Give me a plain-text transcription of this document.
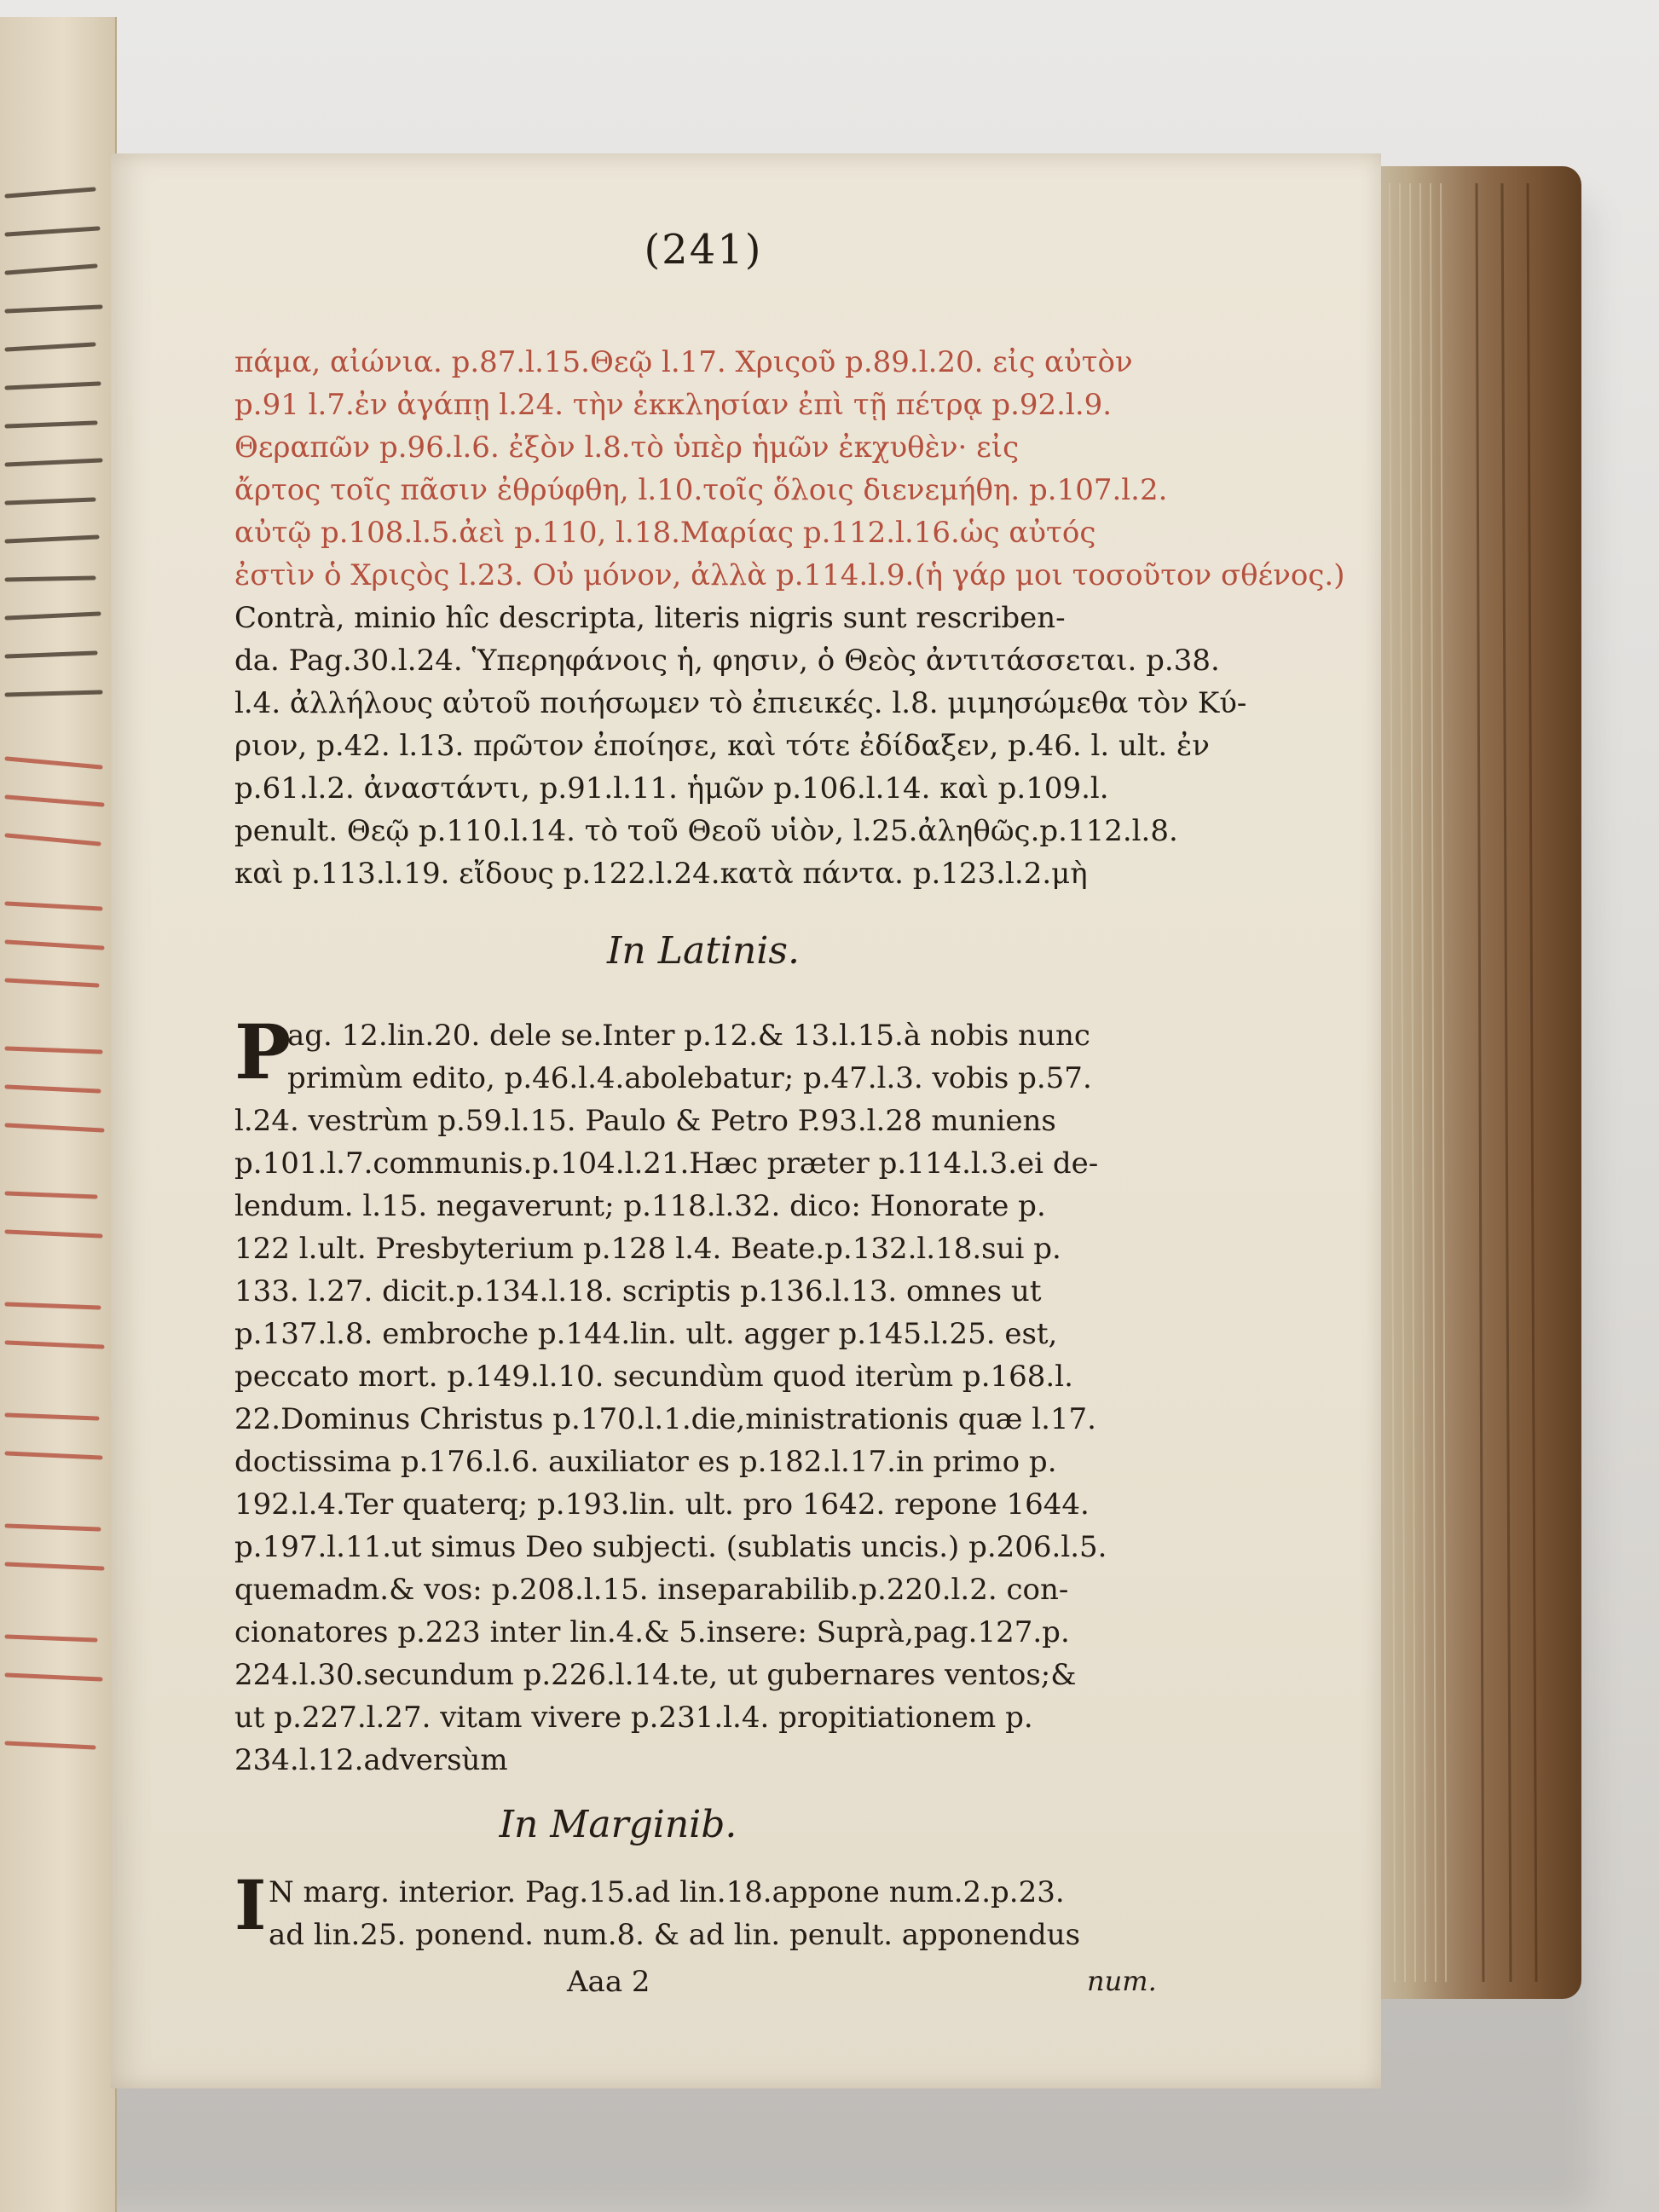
(241)
πάμα, αἰώνια. p.87.l.15.Θεῷ l.17. Χριςοῦ p.89.l.20. εἰς αὐτὸν
p.91 l.7.ἐν ἀγάπῃ l.24. τὴν ἐκκλησίαν ἐπὶ τῇ πέτρᾳ p.92.l.9.
Θεραπῶν p.96.l.6. ἐξὸν l.8.τὸ ὑπὲρ ἡμῶν ἐκχυθὲν· εἰς
ἄρτος τοῖς πᾶσιν ἐθρύφθη, l.10.τοῖς ὅλοις διενεμήθη. p.107.l.2.
αὐτῷ p.108.l.5.ἀεὶ p.110, l.18.Μαρίας p.112.l.16.ὡς αὐτός
ἐστὶν ὁ Χριςὸς l.23. Οὐ μόνον, ἀλλὰ p.114.l.9.(ἡ γάρ μοι τοσοῦτον σθένος.)
Contrà, minio hîc descripta, literis nigris sunt rescriben-
da. Pag.30.l.24. Ὑπερηφάνοις ἡ, φησιν, ὁ Θεὸς ἀντιτάσσεται. p.38.
l.4. ἀλλήλους αὐτοῦ ποιήσωμεν τὸ ἐπιεικές. l.8. μιμησώμεθα τὸν Κύ-
ριον, p.42. l.13. πρῶτον ἐποίησε, καὶ τότε ἐδίδαξεν, p.46. l. ult. ἐν
p.61.l.2. ἀναστάντι, p.91.l.11. ἡμῶν p.106.l.14. καὶ p.109.l.
penult. Θεῷ p.110.l.14. τὸ τοῦ Θεοῦ υἱὸν, l.25.ἀληθῶς.p.112.l.8.
καὶ p.113.l.19. εἴδους p.122.l.24.κατὰ πάντα. p.123.l.2.μὴ
In Latinis.
P
ag. 12.lin.20. dele se.Inter p.12.& 13.l.15.à nobis nunc
primùm edito, p.46.l.4.abolebatur; p.47.l.3. vobis p.57.
l.24. vestrùm p.59.l.15. Paulo & Petro P.93.l.28 muniens
p.101.l.7.communis.p.104.l.21.Hæc præter p.114.l.3.ei de-
lendum. l.15. negaverunt; p.118.l.32. dico: Honorate p.
122 l.ult. Presbyterium p.128 l.4. Beate.p.132.l.18.sui p.
133. l.27. dicit.p.134.l.18. scriptis p.136.l.13. omnes ut
p.137.l.8. embroche p.144.lin. ult. agger p.145.l.25. est,
peccato mort. p.149.l.10. secundùm quod iterùm p.168.l.
22.Dominus Christus p.170.l.1.die,ministrationis quæ l.17.
doctissima p.176.l.6. auxiliator es p.182.l.17.in primo p.
192.l.4.Ter quaterq; p.193.lin. ult. pro 1642. repone 1644.
p.197.l.11.ut simus Deo subjecti. (sublatis uncis.) p.206.l.5.
quemadm.& vos: p.208.l.15. inseparabilib.p.220.l.2. con-
cionatores p.223 inter lin.4.& 5.insere: Suprà,pag.127.p.
224.l.30.secundum p.226.l.14.te, ut gubernares ventos;&
ut p.227.l.27. vitam vivere p.231.l.4. propitiationem p.
234.l.12.adversùm
In Marginib.
I N marg. interior. Pag.15.ad lin.18.appone num.2.p.23.
ad lin.25. ponend. num.8. & ad lin. penult. apponendus
Aaa 2	num.
